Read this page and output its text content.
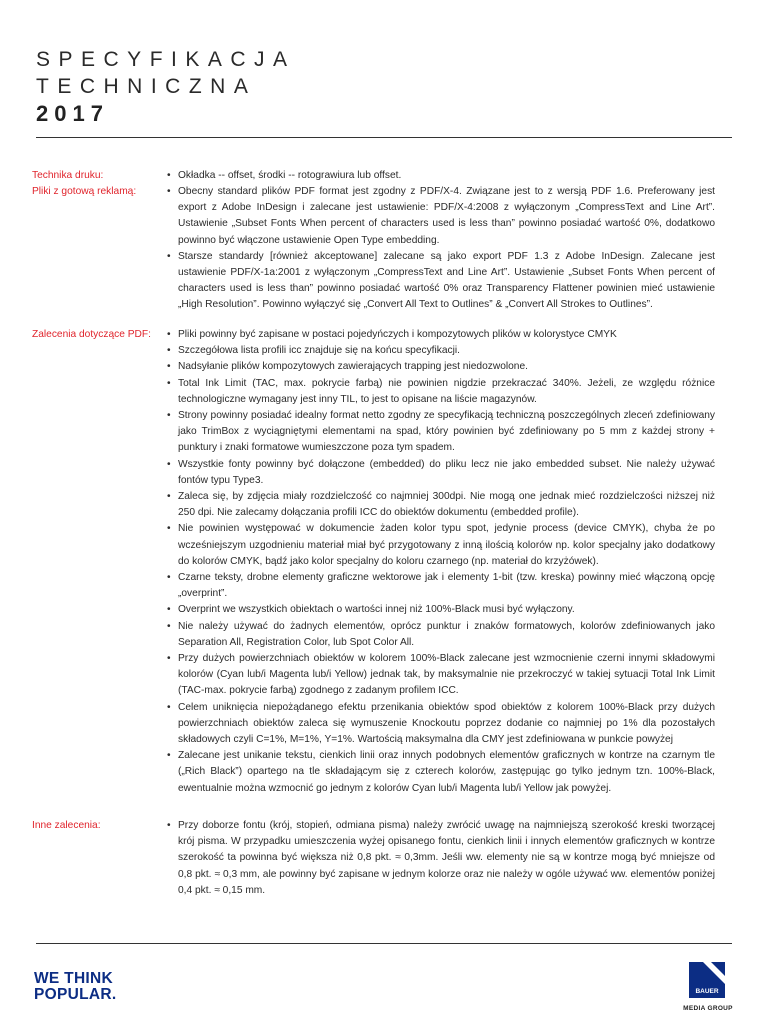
SPECYFIKACJA
TECHNICZNA
2017
Technika druku:	• Okładka -- offset, środki -- rotograwiura lub offset.
Pliki z gotową reklamą:	• Obecny standard plików PDF format jest zgodny z PDF/X-4. Związane jest to z wersją PDF 1.6. Preferowany jest export z Adobe InDesign i zalecane jest ustawienie: PDF/X-4:2008 z wyłączonym „CompressText and Line Art”. Ustawienie „Subset Fonts When percent of characters used is less than” powinno posiadać wartość 0%, dodatkowo powinno być włączone ustawienie Open Type embedding.
• Starsze standardy [również akceptowane] zalecane są jako export PDF 1.3 z Adobe InDesign. Zalecane jest ustawienie PDF/X-1a:2001 z wyłączonym „CompressText and Line Art”. Ustawienie „Subset Fonts When percent of characters used is less than” powinno posiadać wartość 0% oraz Transparency Flattener powinien mieć ustawienie „High Resolution”. Powinno wyłączyć się „Convert All Text to Outlines” & „Convert All Strokes to Outlines”.
Zalecenia dotyczące PDF:	• Pliki powinny być zapisane w postaci pojedyńczych i kompozytowych plików w kolorystyce CMYK
• Szczegółowa lista profili icc znajduje się na końcu specyfikacji.
• Nadsyłanie plików kompozytowych zawierających trapping jest niedozwolone.
• Total Ink Limit (TAC, max. pokrycie farbą) nie powinien nigdzie przekraczać 340%. Jeżeli, ze względu różnice technologiczne wymagany jest inny TIL, to jest to opisane na liście magazynów.
• Strony powinny posiadać idealny format netto zgodny ze specyfikacją techniczną poszczególnych zleceń zdefiniowany jako TrimBox z wyciągniętymi elementami na spad, który powinien być zdefiniowany po 5 mm z każdej strony + punktury i znaki formatowe wumieszczone poza tym spadem.
• Wszystkie fonty powinny być dołączone (embedded) do pliku lecz nie jako embedded subset. Nie należy używać fontów typu Type3.
• Zaleca się, by zdjęcia miały rozdzielczość co najmniej 300dpi. Nie mogą one jednak mieć rozdzielczości niższej niż 250 dpi. Nie zalecamy dołączania profili ICC do obiektów dokumentu (embedded profile).
• Nie powinien występować w dokumencie żaden kolor typu spot, jedynie process (device CMYK), chyba że po wcześniejszym uzgodnieniu materiał miał być przygotowany z inną ilością kolorów np. kolor specjalny jako dodatkowy do kolorów CMYK, bądź jako kolor specjalny do koloru czarnego (np. materiał do krzyżówek).
• Czarne teksty, drobne elementy graficzne wektorowe jak i elementy 1-bit (tzw. kreska) powinny mieć włączoną opcję „overprint”.
• Overprint we wszystkich obiektach o wartości innej niż 100%-Black musi być wyłączony.
• Nie należy używać do żadnych elementów, oprócz punktur i znaków formatowych, kolorów zdefiniowanych jako Separation All, Registration Color, lub Spot Color All.
• Przy dużych powierzchniach obiektów w kolorem 100%-Black zalecane jest wzmocnienie czerni innymi składowymi kolorów (Cyan lub/i Magenta lub/i Yellow) jednak tak, by maksymalnie nie przekroczyć w takiej sytuacji Total Ink Limit (TAC-max. pokrycie farbą) zgodnego z zadanym profilem ICC.
• Celem uniknięcia niepożądanego efektu przenikania obiektów spod obiektów z kolorem 100%-Black przy dużych powierzchniach obiektów zaleca się wymuszenie Knockoutu poprzez dodanie co najmniej po 1% dla pozostałych składowych czyli C=1%, M=1%, Y=1%. Wartością maksymalna dla CMY jest zdefiniowana w punkcie powyżej
• Zalecane jest unikanie tekstu, cienkich linii oraz innych podobnych elementów graficznych w kontrze na czarnym tle („Rich Black”) opartego na tle składającym się z czterech kolorów, zastępując go tylko jednym tzn. 100%-Black, ewentualnie można wzmocnić go jednym z kolorów Cyan lub/i Magenta lub/i Yellow jak powyżej.
Inne zalecenia:	• Przy doborze fontu (krój, stopień, odmiana pisma) należy zwrócić uwagę na najmniejszą szerokość kreski tworzącej krój pisma. W przypadku umieszczenia wyżej opisanego fontu, cienkich linii i innych elementów graficznych w kontrze szerokość ta powinna być większa niż 0,8 pkt. ≈ 0,3mm. Jeśli ww. elementy nie są w kontrze mogą być mniejsze od 0,8 pkt. ≈ 0,3 mm, ale powinny być zapisane w jednym kolorze oraz nie należy w ogóle używać ww. elementów poniżej 0,4 pkt. ≈ 0,15 mm.
WE THINK
POPULAR.	BAUER
MEDIA GROUP
